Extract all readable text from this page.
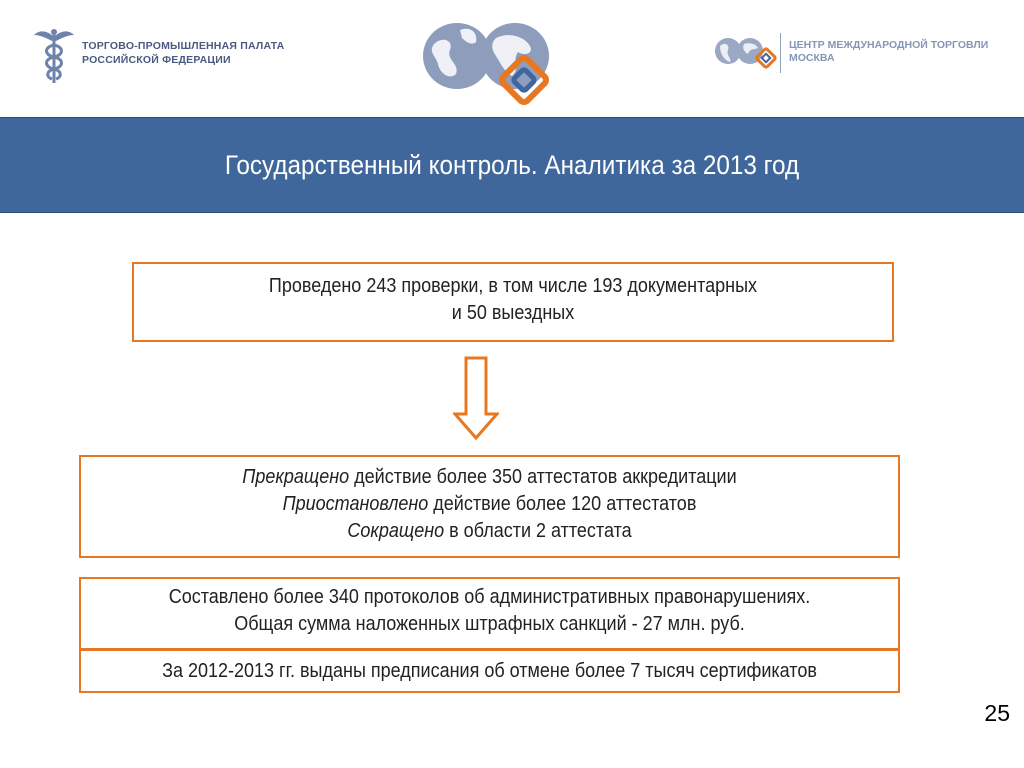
ТОРГОВО-ПРОМЫШЛЕННАЯ ПАЛАТА
РОССИЙСКОЙ ФЕДЕРАЦИИ
ЦЕНТР МЕЖДУНАРОДНОЙ ТОРГОВЛИ
МОСКВА
Государственный контроль. Аналитика за 2013 год
Проведено 243 проверки, в том числе 193 документарных
и 50 выездных
Прекращено действие более 350 аттестатов аккредитации
Приостановлено действие более 120 аттестатов
Сокращено в области 2 аттестата
Составлено более 340 протоколов об административных правонарушениях.
Общая сумма наложенных штрафных санкций - 27 млн. руб.
За 2012-2013 гг. выданы предписания об отмене более 7 тысяч сертификатов
25
